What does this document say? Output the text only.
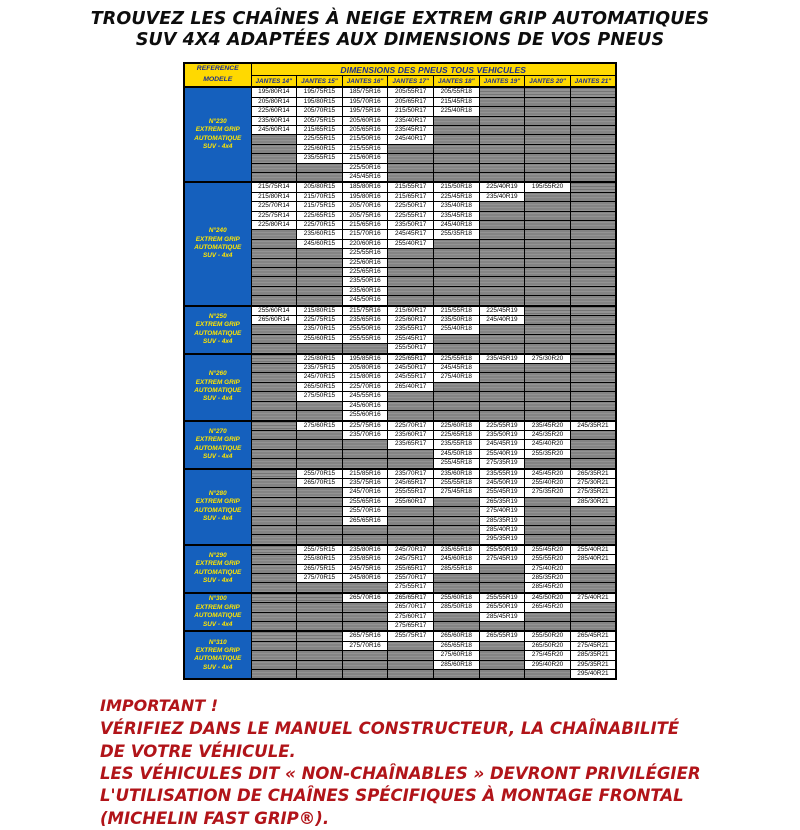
TROUVEZ LES CHAÎNES À NEIGE EXTREM GRIP AUTOMATIQUES
SUV 4X4 ADAPTÉES AUX DIMENSIONS DE VOS PNEUS
REFERENCE
MODELE	DIMENSIONS DES PNEUS TOUS VEHICULES							
	JANTES 14"	JANTES 15"	JANTES 16"	JANTES 17"	JANTES 18"	JANTES 19"	JANTES 20"	JANTES 21"

N°230
EXTREM GRIP
AUTOMATIQUE
SUV - 4x4	195/80R14	195/75R15	185/75R16	205/55R17	205/55R18			
	205/80R14	195/80R15	195/70R16	205/65R17	215/45R18			
	225/60R14	205/70R15	195/75R16	215/50R17	225/40R18			
	235/60R14	205/75R15	205/60R16	235/40R17				
	245/60R14	215/65R15	205/65R16	235/45R17				
		225/55R15	215/50R16	245/40R17				
		225/60R15	215/55R16					
		235/55R15	215/60R16					
			225/50R16					
			245/45R16					

N°240
EXTREM GRIP
AUTOMATIQUE
SUV - 4x4	215/75R14	205/80R15	185/80R16	215/55R17	215/50R18	225/40R19	195/55R20	
	215/80R14	215/70R15	195/80R16	215/65R17	225/45R18	235/40R19		
	225/70R14	215/75R15	205/70R16	225/50R17	235/40R18			
	225/75R14	225/65R15	205/75R16	225/55R17	235/45R18			
	225/80R14	225/70R15	215/65R16	235/50R17	245/40R18			
		235/60R15	215/70R16	245/45R17	255/35R18			
		245/60R15	220/60R16	255/40R17				
			225/55R16					
			225/60R16					
			225/65R16					
			235/50R16					
			235/60R16					
			245/50R16					

N°250
EXTREM GRIP
AUTOMATIQUE
SUV - 4x4	255/60R14	215/80R15	215/75R16	215/60R17	215/55R18	225/45R19		
	265/60R14	225/75R15	235/65R16	225/60R17	235/50R18	245/40R19		
		235/70R15	255/50R16	235/55R17	255/40R18			
		255/60R15	255/55R16	255/45R17				
				255/50R17				

N°260
EXTREM GRIP
AUTOMATIQUE
SUV - 4x4		225/80R15	195/85R16	225/65R17	225/55R18	235/45R19	275/30R20	
		235/75R15	205/80R16	245/50R17	245/45R18			
		245/70R15	215/80R16	245/55R17	275/40R18			
		265/50R15	225/70R16	265/40R17				
		275/50R15	245/55R16					
			245/60R16					
			255/60R16					

N°270
EXTREM GRIP
AUTOMATIQUE
SUV - 4x4		275/60R15	225/75R16	225/70R17	225/60R18	225/55R19	235/45R20	245/35R21
			235/70R16	235/60R17	225/65R18	235/50R19	245/35R20	
				235/65R17	235/55R18	245/45R19	245/40R20	
					245/50R18	255/40R19	255/35R20	
					255/45R18	275/35R19		

N°280
EXTREM GRIP
AUTOMATIQUE
SUV - 4x4		255/70R15	215/85R16	235/70R17	235/60R18	235/55R19	245/45R20	265/35R21
		265/70R15	235/75R16	245/65R17	255/55R18	245/50R19	255/40R20	275/30R21
			245/70R16	255/55R17	275/45R18	255/45R19	275/35R20	275/35R21
			255/65R16	255/60R17		265/35R19		285/30R21
			255/70R16			275/40R19		
			265/65R16			285/35R19		
						285/40R19		
						295/35R19		

N°290
EXTREM GRIP
AUTOMATIQUE
SUV - 4x4		255/75R15	235/80R16	245/70R17	235/65R18	255/50R19	255/45R20	255/40R21
		255/80R15	235/85R16	245/75R17	245/60R18	275/45R19	255/55R20	285/40R21
		265/75R15	245/75R16	255/65R17	285/55R18		275/40R20	
		275/70R15	245/80R16	255/70R17			285/35R20	
				275/55R17			285/45R20	

N°300
EXTREM GRIP
AUTOMATIQUE
SUV - 4x4			265/70R16	265/65R17	255/60R18	255/55R19	245/50R20	275/40R21
				265/70R17	285/50R18	265/50R19	265/45R20	
				275/60R17		285/45R19		
				275/65R17				

N°310
EXTREM GRIP
AUTOMATIQUE
SUV - 4x4			265/75R16	255/75R17	265/60R18	265/55R19	255/50R20	265/45R21
			275/70R16		265/65R18		265/50R20	275/45R21
					275/60R18		275/45R20	285/35R21
					285/60R18		295/40R20	295/35R21
								295/40R21
IMPORTANT !
VÉRIFIEZ DANS LE MANUEL CONSTRUCTEUR, LA CHAÎNABILITÉ
DE VOTRE VÉHICULE.
LES VÉHICULES DIT « NON-CHAÎNABLES » DEVRONT PRIVILÉGIER
L'UTILISATION DE CHAÎNES SPÉCIFIQUES À MONTAGE FRONTAL
(MICHELIN FAST GRIP®).
